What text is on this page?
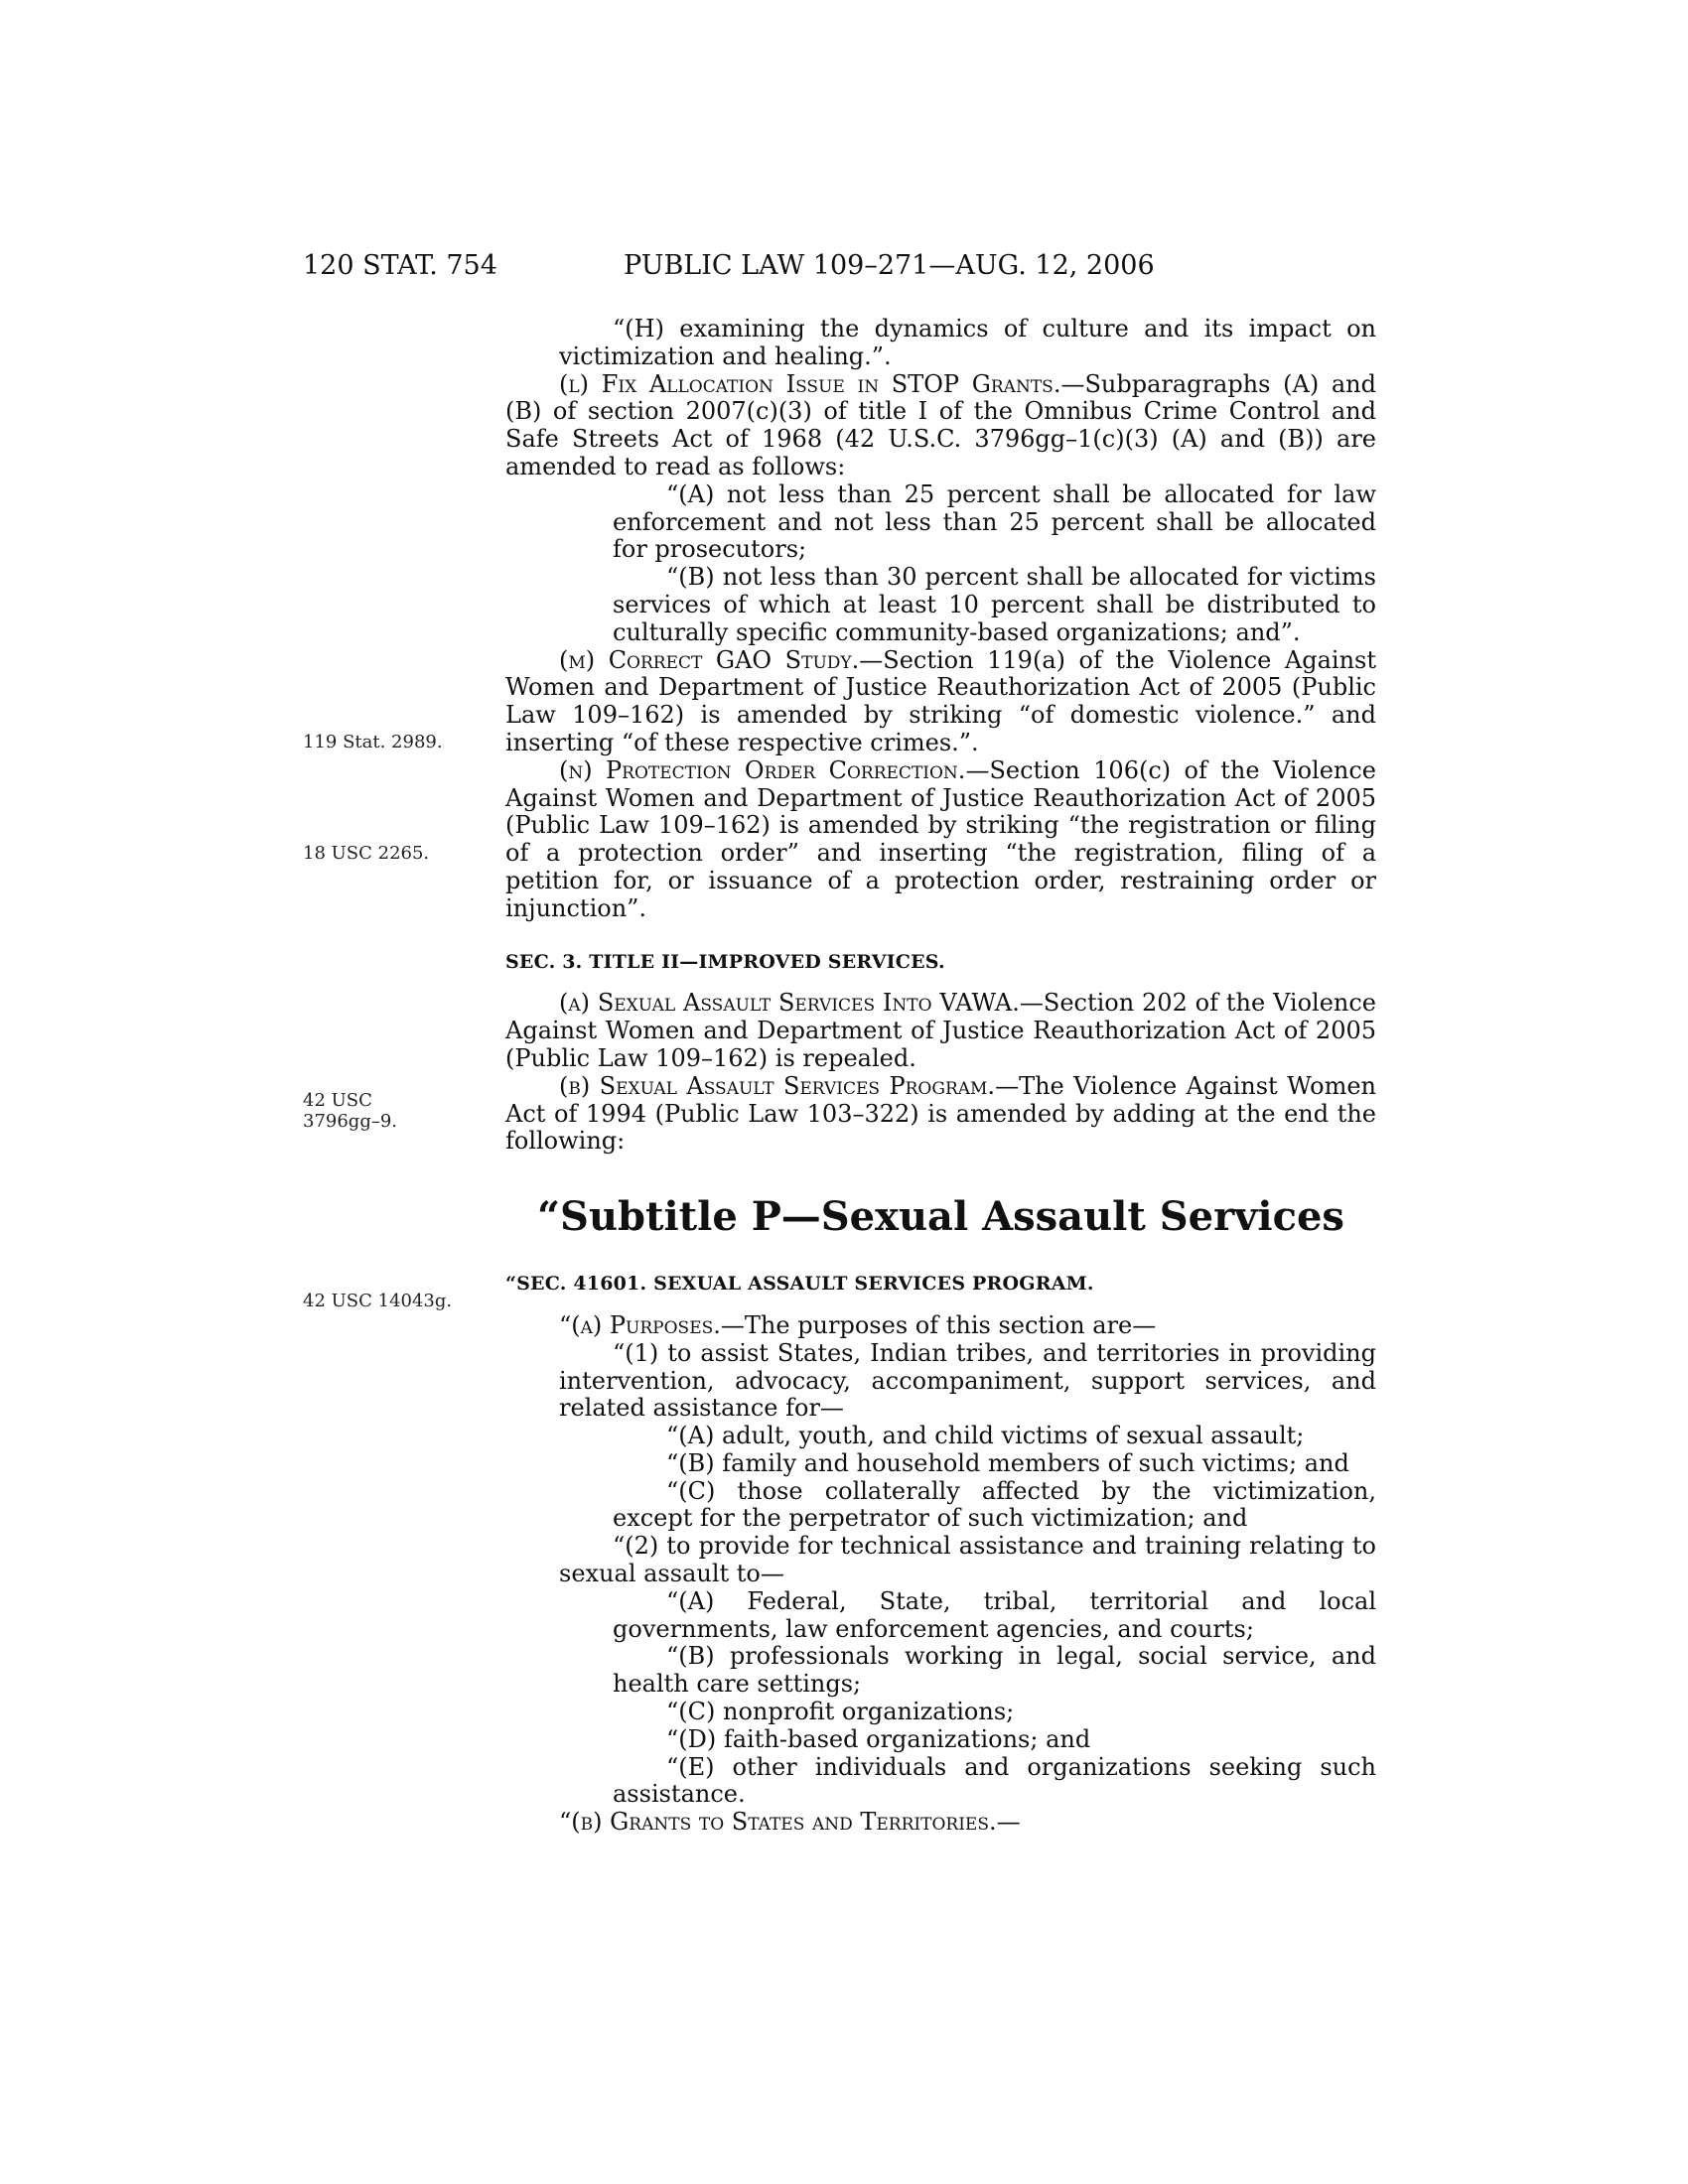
120 STAT. 754	PUBLIC LAW 109–271—AUG. 12, 2006
119 Stat. 2989.
18 USC 2265.
42 USC
3796gg–9.
42 USC 14043g.

“(H) examining the dynamics of culture and its impact on victimization and healing.”.

(l) Fix Allocation Issue in STOP Grants.—Subparagraphs (A) and (B) of section 2007(c)(3) of title I of the Omnibus Crime Control and Safe Streets Act of 1968 (42 U.S.C. 3796gg–1(c)(3) (A) and (B)) are amended to read as follows:

“(A) not less than 25 percent shall be allocated for law enforcement and not less than 25 percent shall be allocated for prosecutors;

“(B) not less than 30 percent shall be allocated for victims services of which at least 10 percent shall be distributed to culturally specific community-based organizations; and”.

(m) Correct GAO Study.—Section 119(a) of the Violence Against Women and Department of Justice Reauthorization Act of 2005 (Public Law 109–162) is amended by striking “of domestic violence.” and inserting “of these respective crimes.”.

(n) Protection Order Correction.—Section 106(c) of the Violence Against Women and Department of Justice Reauthorization Act of 2005 (Public Law 109–162) is amended by striking “the registration or filing of a protection order” and inserting “the registration, filing of a petition for, or issuance of a protection order, restraining order or injunction”.

SEC. 3. TITLE II—IMPROVED SERVICES.

(a) Sexual Assault Services Into VAWA.—Section 202 of the Violence Against Women and Department of Justice Reauthorization Act of 2005 (Public Law 109–162) is repealed.

(b) Sexual Assault Services Program.—The Violence Against Women Act of 1994 (Public Law 103–322) is amended by adding at the end the following:

“Subtitle P—Sexual Assault Services

“SEC. 41601. SEXUAL ASSAULT SERVICES PROGRAM.

“(a) Purposes.—The purposes of this section are—

“(1) to assist States, Indian tribes, and territories in providing intervention, advocacy, accompaniment, support services, and related assistance for—

“(A) adult, youth, and child victims of sexual assault;

“(B) family and household members of such victims; and

“(C) those collaterally affected by the victimization, except for the perpetrator of such victimization; and

“(2) to provide for technical assistance and training relating to sexual assault to—

“(A) Federal, State, tribal, territorial and local governments, law enforcement agencies, and courts;

“(B) professionals working in legal, social service, and health care settings;

“(C) nonprofit organizations;

“(D) faith-based organizations; and

“(E) other individuals and organizations seeking such assistance.

“(b) Grants to States and Territories.—
